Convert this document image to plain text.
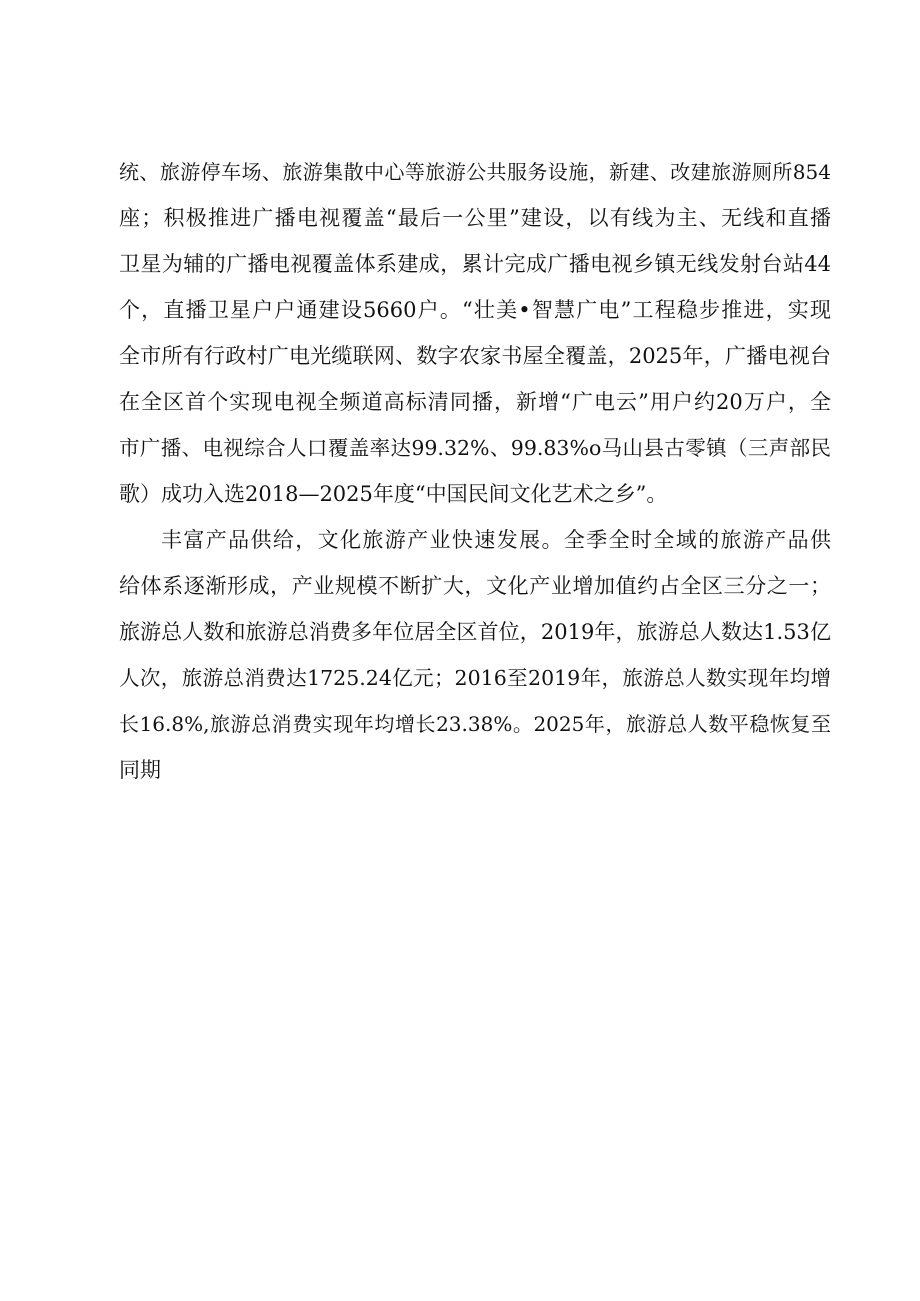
统、旅游停车场、旅游集散中心等旅游公共服务设施，新建、改建旅游厕所854
座；积极推进广播电视覆盖“最后一公里”建设，以有线为主、无线和直播
卫星为辅的广播电视覆盖体系建成，累计完成广播电视乡镇无线发射台站44
个，直播卫星户户通建设5660户。“壮美•智慧广电”工程稳步推进，实现
全市所有行政村广电光缆联网、数字农家书屋全覆盖，2025年，广播电视台
在全区首个实现电视全频道高标清同播，新增“广电云”用户约20万户，全
市广播、电视综合人口覆盖率达99.32%、99.83%o马山县古零镇（三声部民
歌）成功入选2018—2025年度“中国民间文化艺术之乡”。
丰富产品供给，文化旅游产业快速发展。全季全时全域的旅游产品供
给体系逐渐形成，产业规模不断扩大，文化产业增加值约占全区三分之一；
旅游总人数和旅游总消费多年位居全区首位，2019年，旅游总人数达1.53亿
人次，旅游总消费达1725.24亿元；2016至2019年，旅游总人数实现年均增
长16.8%,旅游总消费实现年均增长23.38%。2025年，旅游总人数平稳恢复至
同期
